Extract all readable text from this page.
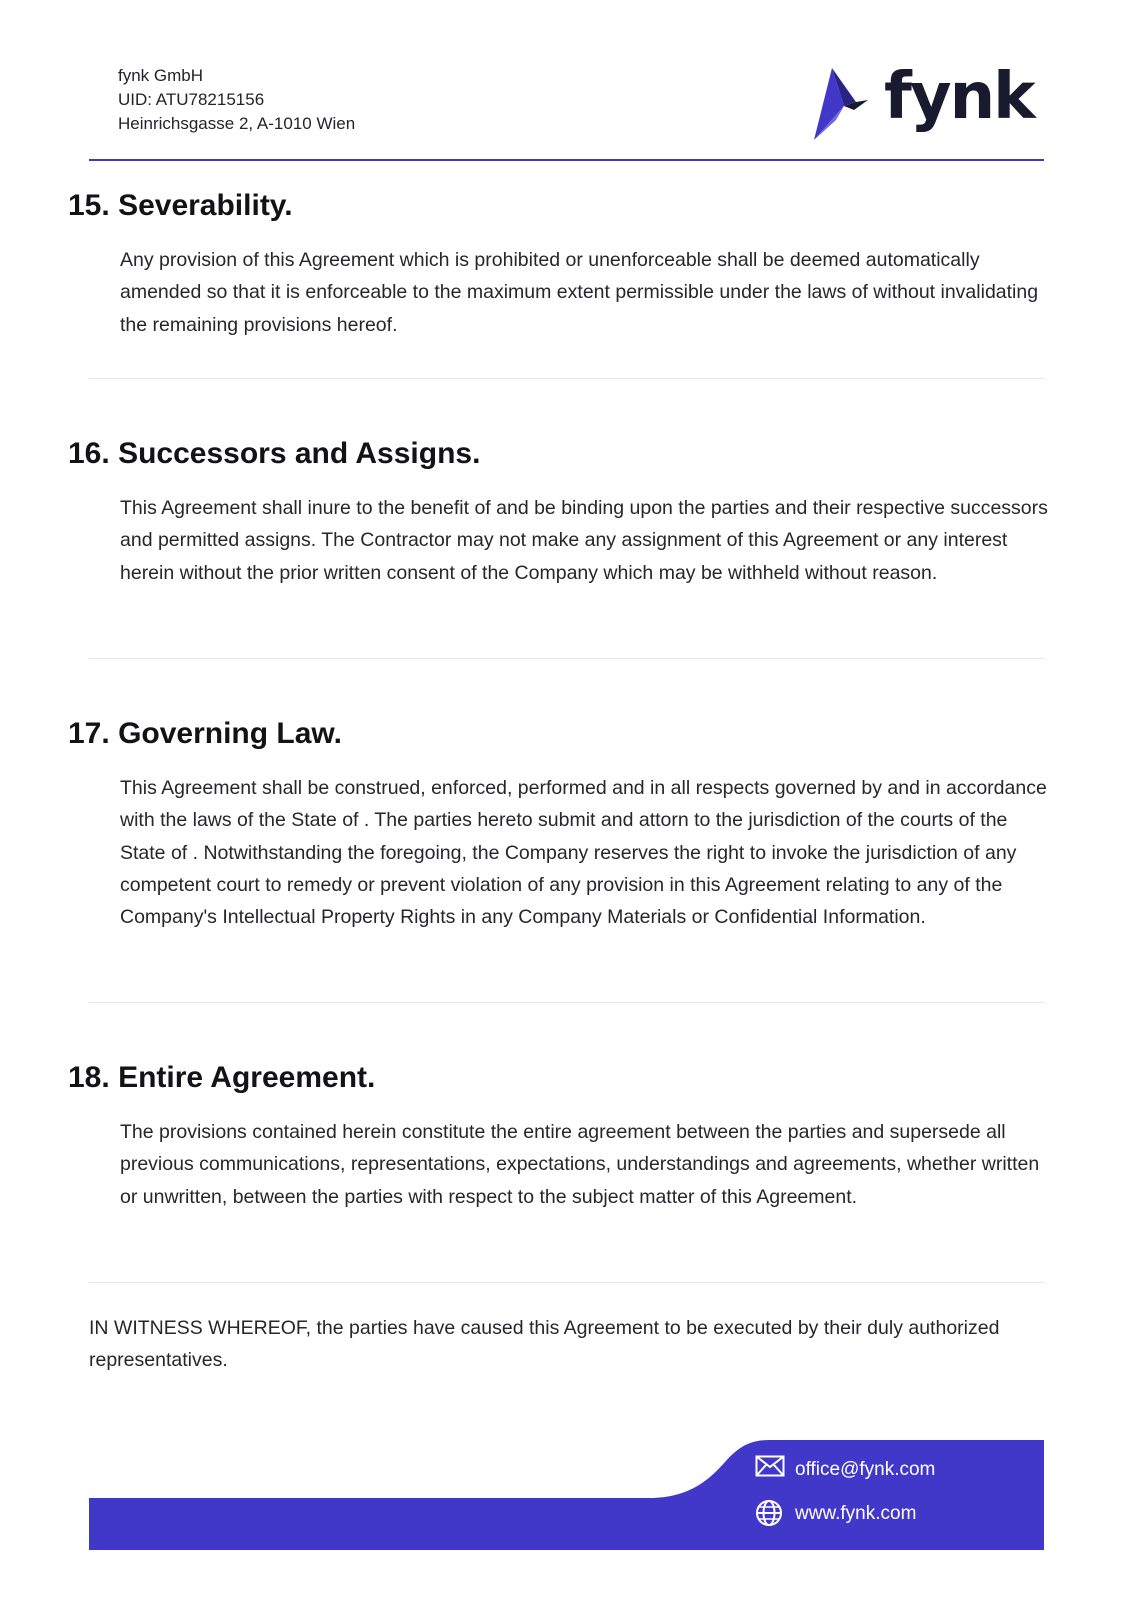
fynk GmbH
UID: ATU78215156
Heinrichsgasse 2, A-1010 Wien	fynk
15. Severability.

Any provision of this Agreement which is prohibited or unenforceable shall be deemed automatically amended so that it is enforceable to the maximum extent permissible under the laws of without invalidating the remaining provisions hereof.

16. Successors and Assigns.

This Agreement shall inure to the benefit of and be binding upon the parties and their respective successors and permitted assigns. The Contractor may not make any assignment of this Agreement or any interest herein without the prior written consent of the Company which may be withheld without reason.

17. Governing Law.

This Agreement shall be construed, enforced, performed and in all respects governed by and in accordance with the laws of the State of . The parties hereto submit and attorn to the jurisdiction of the courts of the State of . Notwithstanding the foregoing, the Company reserves the right to invoke the jurisdiction of any competent court to remedy or prevent violation of any provision in this Agreement relating to any of the Company's Intellectual Property Rights in any Company Materials or Confidential Information.

18. Entire Agreement.

The provisions contained herein constitute the entire agreement between the parties and supersede all previous communications, representations, expectations, understandings and agreements, whether written or unwritten, between the parties with respect to the subject matter of this Agreement.

IN WITNESS WHEREOF, the parties have caused this Agreement to be executed by their duly authorized representatives.

office@fynk.com
www.fynk.com
